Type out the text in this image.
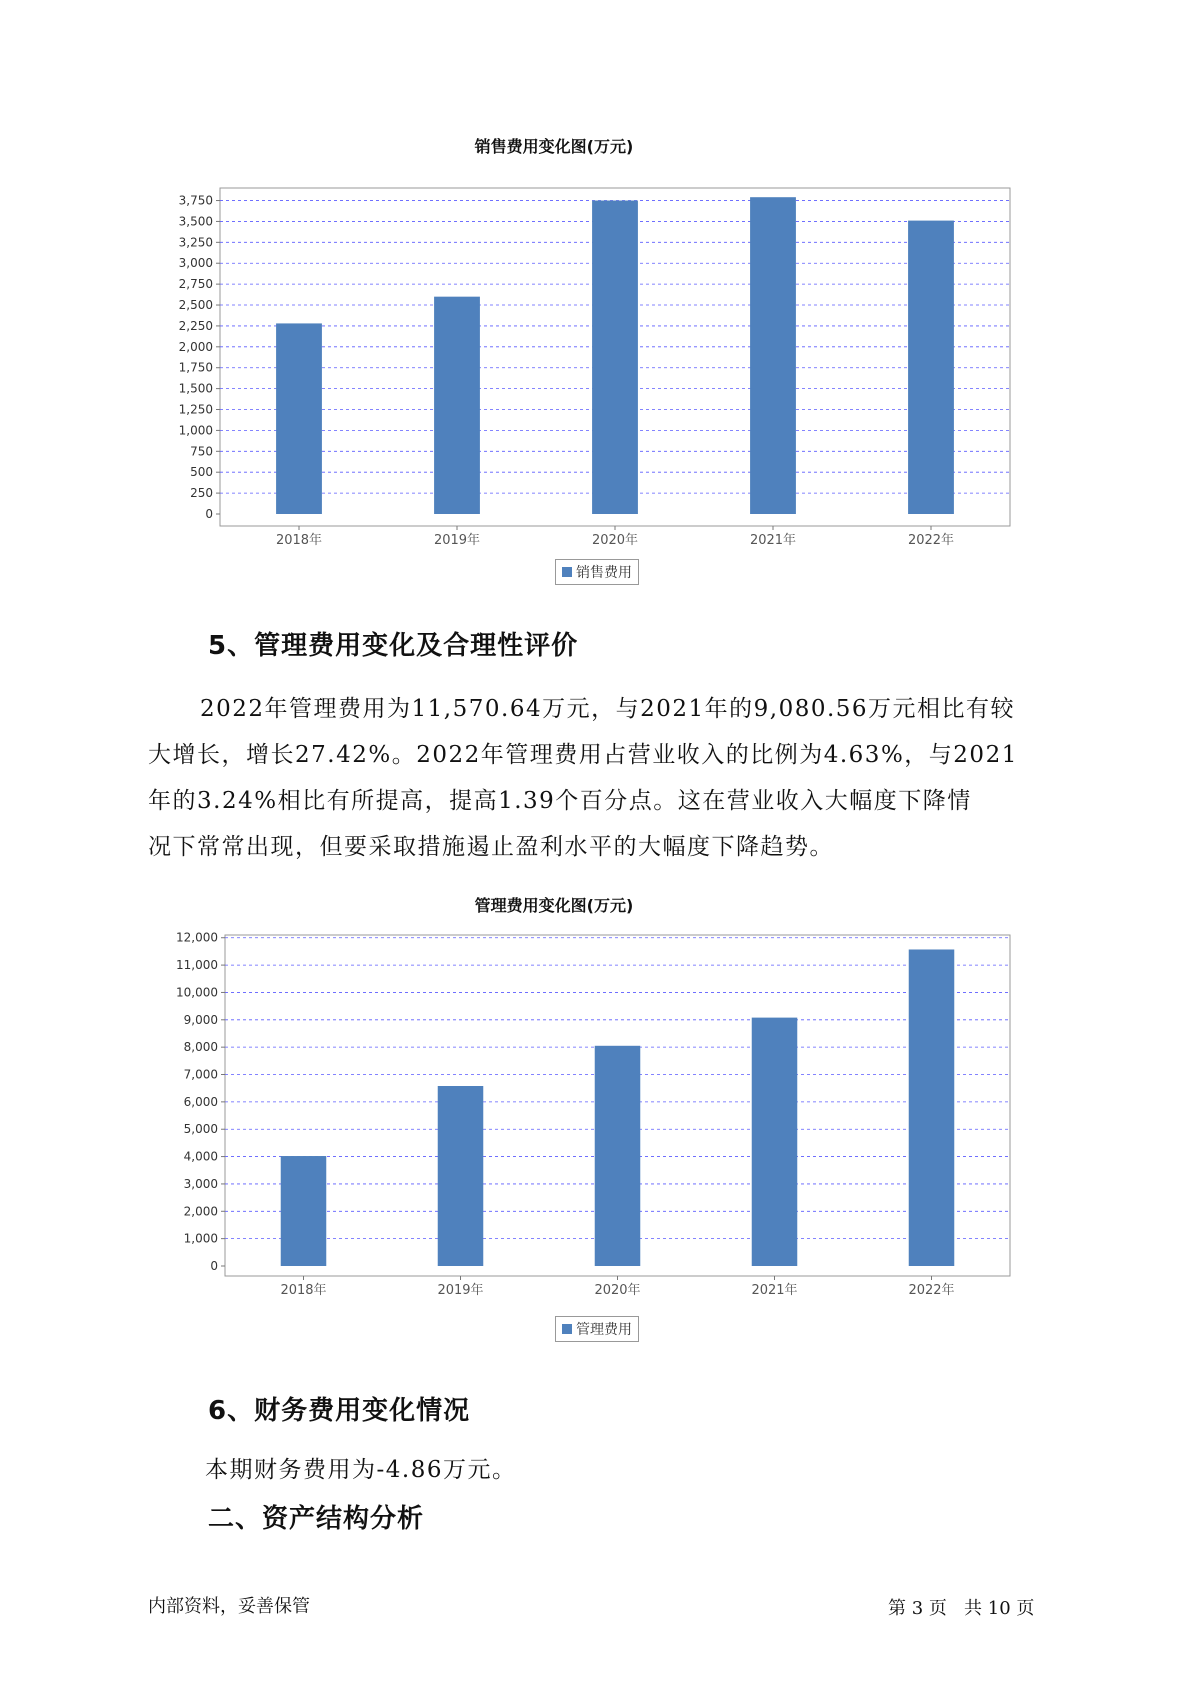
销售费用变化图(万元)
0
250
500
750
1,000
1,250
1,500
1,750
2,000
2,250
2,500
2,750
3,000
3,250
3,500
3,750
2018年	2019年	2020年	2021年	2022年
销售费用
5、管理费用变化及合理性评价
2022年管理费用为11,570.64万元，与2021年的9,080.56万元相比有较
大增长，增长27.42%。2022年管理费用占营业收入的比例为4.63%，与2021
年的3.24%相比有所提高，提高1.39个百分点。这在营业收入大幅度下降情
况下常常出现，但要采取措施遏止盈利水平的大幅度下降趋势。
管理费用变化图(万元)
0
1,000
2,000
3,000
4,000
5,000
6,000
7,000
8,000
9,000
10,000
11,000
12,000
2018年	2019年	2020年	2021年	2022年
管理费用
6、财务费用变化情况
本期财务费用为-4.86万元。
二、资产结构分析
内部资料，妥善保管	第 3 页   共 10 页
